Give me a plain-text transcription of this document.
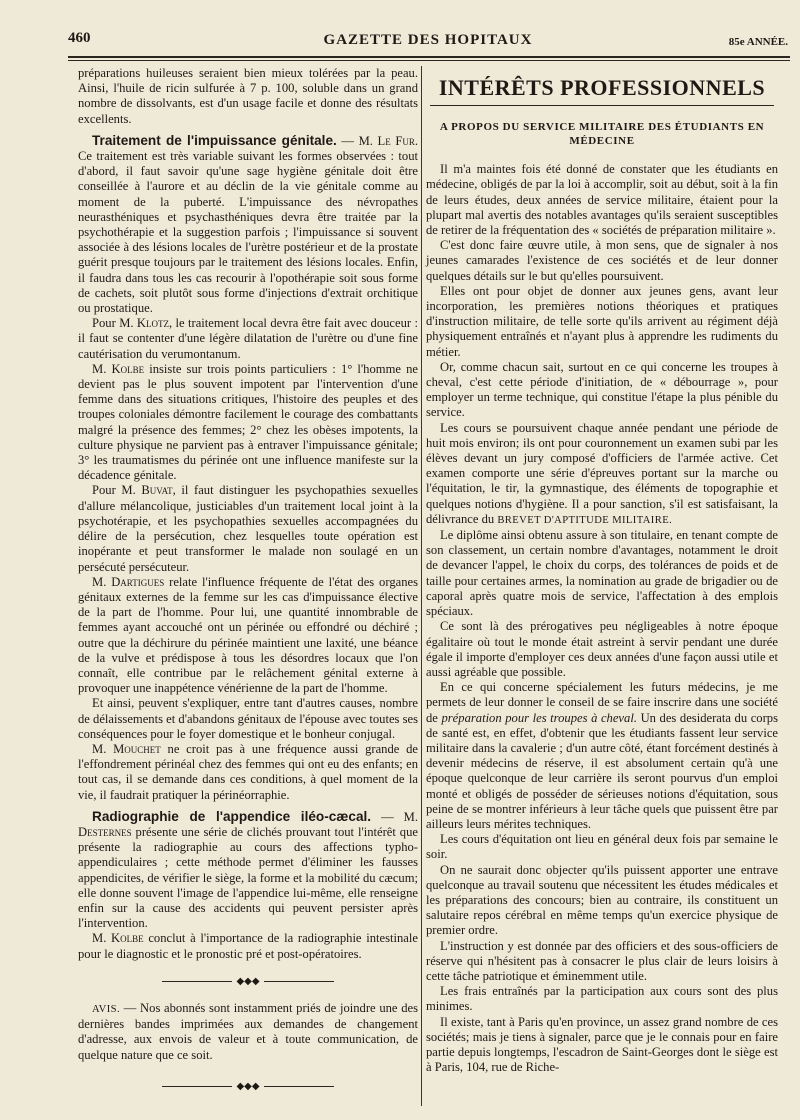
460	GAZETTE DES HOPITAUX	85e ANNÉE.

préparations huileuses seraient bien mieux tolérées par la peau. Ainsi, l'huile de ricin sulfurée à 7 p. 100, soluble dans un grand nombre de dissolvants, est d'un usage facile et donne des résultats excellents.

Traitement de l'impuissance génitale. — M. Le Fur. Ce traitement est très variable suivant les formes observées : tout d'abord, il faut savoir qu'une sage hygiène génitale doit être conseillée à l'aurore et au déclin de la vie génitale comme au moment de la puberté. L'impuissance des névropathes neurasthéniques et psychasthéniques devra être traitée par la psychothérapie et la suggestion parfois ; l'impuissance si souvent associée à des lésions locales de l'urètre postérieur et de la prostate guérit presque toujours par le traitement des lésions locales. Enfin, il faudra dans tous les cas recourir à l'opothérapie soit sous forme de cachets, soit plutôt sous forme d'injections d'extrait orchitique ou prostatique.

Pour M. Klotz, le traitement local devra être fait avec douceur : il faut se contenter d'une légère dilatation de l'urètre ou d'une fine cautérisation du verumontanum.

M. Kolbe insiste sur trois points particuliers : 1° l'homme ne devient pas le plus souvent impotent par l'intervention d'une femme dans des situations critiques, l'histoire des peuples et des troupes coloniales démontre facilement le courage des combattants malgré la présence des femmes; 2° chez les obèses impotents, la culture physique ne parvient pas à entraver l'impuissance génitale; 3° les traumatismes du périnée ont une influence manifeste sur la décadence génitale.

Pour M. Buvat, il faut distinguer les psychopathies sexuelles d'allure mélancolique, justiciables d'un traitement local joint à la psychotérapie, et les psychopathies sexuelles accompagnées du délire de la persécution, chez lesquelles toute opération est inopérante et peut transformer le malade non soulagé en un persécuté persécuteur.

M. Dartigues relate l'influence fréquente de l'état des organes génitaux externes de la femme sur les cas d'impuissance élective de la part de l'homme. Pour lui, une quantité innombrable de femmes ayant accouché ont un périnée ou effondré ou déchiré ; outre que la déchirure du périnée maintient une laxité, une béance de la vulve et prédispose à tous les désordres locaux que l'on connaît, elle contribue par le relâchement génital externe à provoquer une inappétence vénérienne de la part de l'homme.

Et ainsi, peuvent s'expliquer, entre tant d'autres causes, nombre de délaissements et d'abandons génitaux de l'épouse avec toutes ses conséquences pour le foyer domestique et le bonheur conjugal.

M. Mouchet ne croit pas à une fréquence aussi grande de l'effondrement périnéal chez des femmes qui ont eu des enfants; en tout cas, il se demande dans ces conditions, à quel moment de la vie, il faudrait pratiquer la périnéorraphie.

Radiographie de l'appendice iléo-cæcal. — M. Desternes présente une série de clichés prouvant tout l'intérêt que présente la radiographie au cours des affections typho-appendiculaires ; cette méthode permet d'éliminer les fausses appendicites, de vérifier le siège, la forme et la mobilité du cæcum; elle donne souvent l'image de l'appendice lui-même, elle renseigne enfin sur la cause des accidents qui peuvent persister après l'intervention.

M. Kolbe conclut à l'importance de la radiographie intestinale pour le diagnostic et le pronostic pré et post-opératoires.

◆◆◆

AVIS. — Nos abonnés sont instamment priés de joindre une des dernières bandes imprimées aux demandes de changement d'adresse, aux envois de valeur et à toute communication, de quelque nature que ce soit.

◆◆◆
INTÉRÊTS PROFESSIONNELS
A PROPOS DU SERVICE MILITAIRE DES ÉTUDIANTS EN MÉDECINE

Il m'a maintes fois été donné de constater que les étudiants en médecine, obligés de par la loi à accomplir, soit au début, soit à la fin de leurs études, deux années de service militaire, étaient pour la plupart mal avertis des notables avantages qu'ils seraient susceptibles de retirer de la fréquentation des « sociétés de préparation militaire ».

C'est donc faire œuvre utile, à mon sens, que de signaler à nos jeunes camarades l'existence de ces sociétés et de leur donner quelques détails sur le but qu'elles poursuivent.

Elles ont pour objet de donner aux jeunes gens, avant leur incorporation, les premières notions théoriques et pratiques d'instruction militaire, de telle sorte qu'ils arrivent au régiment déjà physiquement entraînés et n'ayant plus à apprendre les rudiments du métier.

Or, comme chacun sait, surtout en ce qui concerne les troupes à cheval, c'est cette période d'initiation, de « débourrage », pour employer un terme technique, qui constitue l'étape la plus pénible du service.

Les cours se poursuivent chaque année pendant une période de huit mois environ; ils ont pour couronnement un examen subi par les élèves devant un jury composé d'officiers de l'armée active. Cet examen comporte une série d'épreuves portant sur la marche ou l'équitation, le tir, la gymnastique, des éléments de topographie et quelques notions d'hygiène. Il a pour sanction, s'il est satisfaisant, la délivrance du BREVET D'APTITUDE MILITAIRE.

Le diplôme ainsi obtenu assure à son titulaire, en tenant compte de son classement, un certain nombre d'avantages, notamment le droit de devancer l'appel, le choix du corps, des tolérances de poids et de taille pour certaines armes, la nomination au grade de brigadier ou de caporal après quatre mois de service, l'affectation à des emplois spéciaux.

Ce sont là des prérogatives peu négligeables à notre époque égalitaire où tout le monde était astreint à servir pendant une durée égale il importe d'employer ces deux années d'une façon aussi utile et aussi agréable que possible.

En ce qui concerne spécialement les futurs médecins, je me permets de leur donner le conseil de se faire inscrire dans une société de préparation pour les troupes à cheval. Un des desiderata du corps de santé est, en effet, d'obtenir que les étudiants fassent leur service militaire dans la cavalerie ; d'un autre côté, étant forcément destinés à devenir médecins de réserve, il est absolument certain qu'à une époque quelconque de leur carrière ils seront pourvus d'un emploi monté et obligés de posséder de sérieuses notions d'équitation, sous peine de se montrer inférieurs à leur tâche quels que puissent être par ailleurs leurs mérites techniques.

Les cours d'équitation ont lieu en général deux fois par semaine le soir.

On ne saurait donc objecter qu'ils puissent apporter une entrave quelconque au travail soutenu que nécessitent les études médicales et les préparations des concours; bien au contraire, ils constituent un salutaire repos cérébral en même temps qu'un exercice physique de premier ordre.

L'instruction y est donnée par des officiers et des sous-officiers de réserve qui n'hésitent pas à consacrer le plus clair de leurs loisirs à cette tâche patriotique et éminemment utile.

Les frais entraînés par la participation aux cours sont des plus minimes.

Il existe, tant à Paris qu'en province, un assez grand nombre de ces sociétés; mais je tiens à signaler, parce que je le connais pour en faire partie depuis longtemps, l'escadron de Saint-Georges dont le siège est à Paris, 104, rue de Riche-
